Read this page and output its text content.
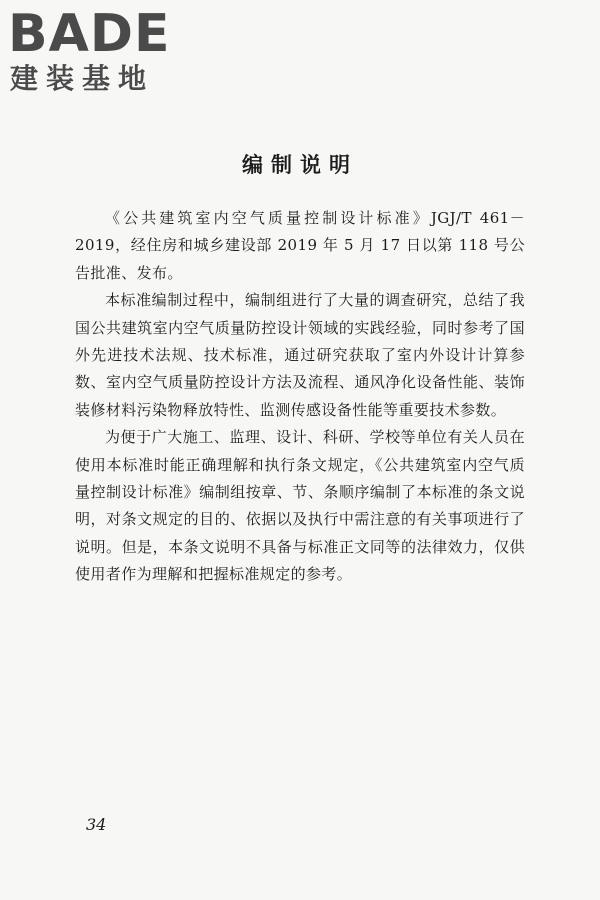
BADE
建装基地
编制说明

《公共建筑室内空气质量控制设计标准》JGJ/T 461－2019，经住房和城乡建设部 2019 年 5 月 17 日以第 118 号公告批准、发布。

本标准编制过程中，编制组进行了大量的调查研究，总结了我国公共建筑室内空气质量防控设计领域的实践经验，同时参考了国外先进技术法规、技术标准，通过研究获取了室内外设计计算参数、室内空气质量防控设计方法及流程、通风净化设备性能、装饰装修材料污染物释放特性、监测传感设备性能等重要技术参数。

为便于广大施工、监理、设计、科研、学校等单位有关人员在使用本标准时能正确理解和执行条文规定，《公共建筑室内空气质量控制设计标准》编制组按章、节、条顺序编制了本标准的条文说明，对条文规定的目的、依据以及执行中需注意的有关事项进行了说明。但是，本条文说明不具备与标准正文同等的法律效力，仅供使用者作为理解和把握标准规定的参考。

34
